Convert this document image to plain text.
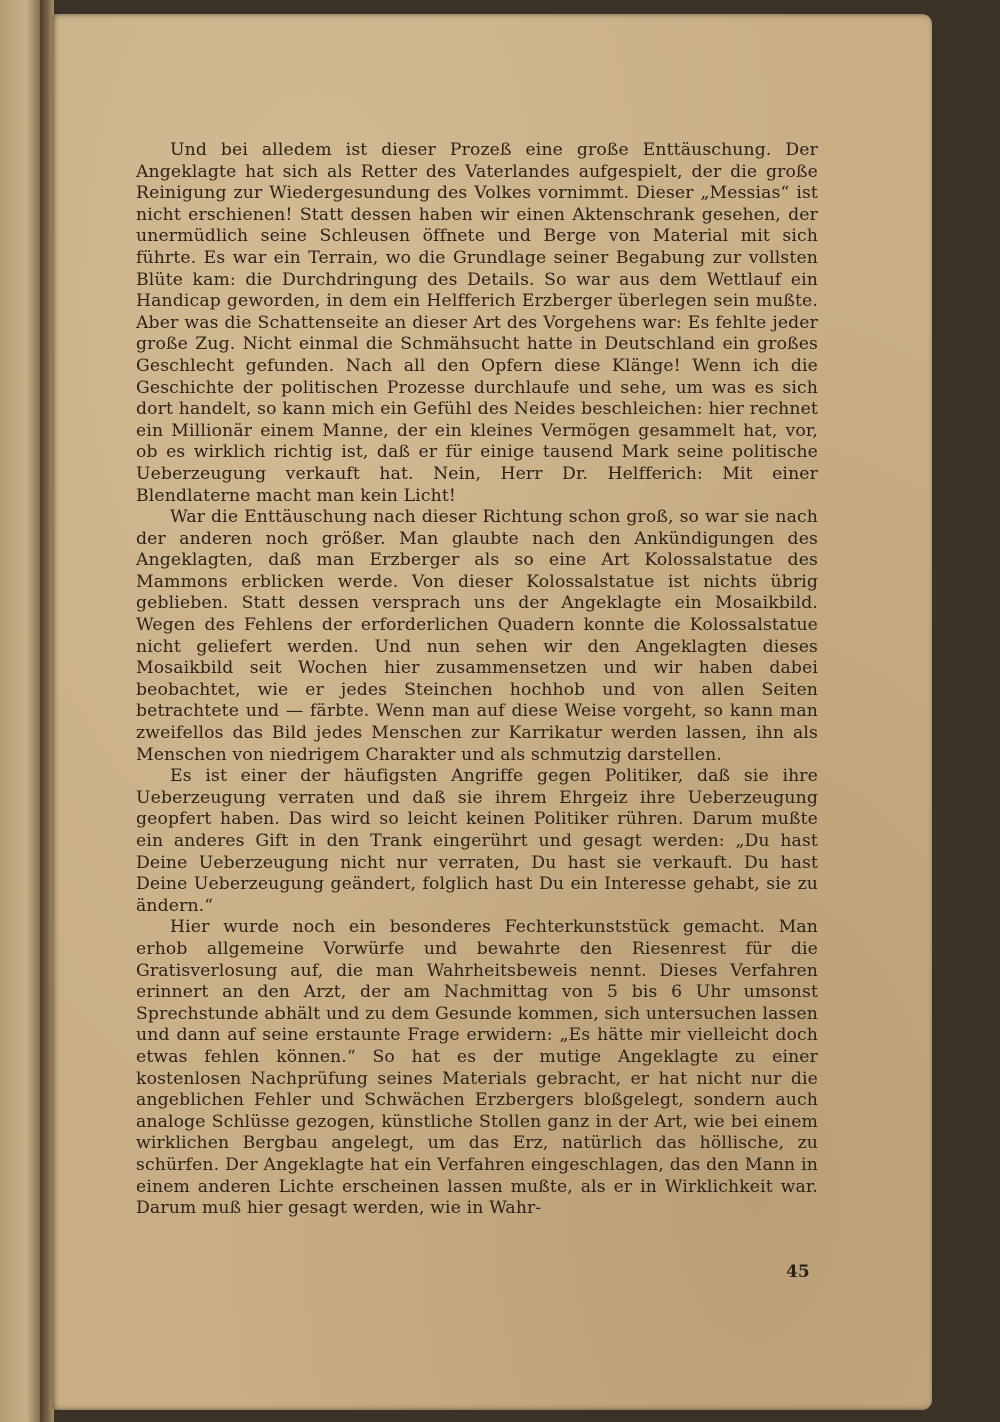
Und bei alledem ist dieser Prozeß eine große Enttäuschung. Der Angeklagte hat sich als Retter des Vaterlandes aufgespielt, der die große Reinigung zur Wiedergesundung des Volkes vornimmt. Dieser „Messias“ ist nicht erschienen! Statt dessen haben wir einen Aktenschrank gesehen, der unermüdlich seine Schleusen öffnete und Berge von Material mit sich führte. Es war ein Terrain, wo die Grundlage seiner Begabung zur vollsten Blüte kam: die Durchdringung des Details. So war aus dem Wettlauf ein Handicap geworden, in dem ein Helfferich Erzberger überlegen sein mußte. Aber was die Schattenseite an dieser Art des Vorgehens war: Es fehlte jeder große Zug. Nicht einmal die Schmähsucht hatte in Deutschland ein großes Geschlecht gefunden. Nach all den Opfern diese Klänge! Wenn ich die Geschichte der politischen Prozesse durchlaufe und sehe, um was es sich dort handelt, so kann mich ein Gefühl des Neides beschleichen: hier rechnet ein Millionär einem Manne, der ein kleines Vermögen gesammelt hat, vor, ob es wirklich richtig ist, daß er für einige tausend Mark seine politische Ueberzeugung verkauft hat. Nein, Herr Dr. Helfferich: Mit einer Blendlaterne macht man kein Licht!

War die Enttäuschung nach dieser Richtung schon groß, so war sie nach der anderen noch größer. Man glaubte nach den Ankündigungen des Angeklagten, daß man Erzberger als so eine Art Kolossalstatue des Mammons erblicken werde. Von dieser Kolossalstatue ist nichts übrig geblieben. Statt dessen versprach uns der Angeklagte ein Mosaikbild. Wegen des Fehlens der erforderlichen Quadern konnte die Kolossalstatue nicht geliefert werden. Und nun sehen wir den Angeklagten dieses Mosaikbild seit Wochen hier zusammensetzen und wir haben dabei beobachtet, wie er jedes Steinchen hochhob und von allen Seiten betrachtete und — färbte. Wenn man auf diese Weise vorgeht, so kann man zweifellos das Bild jedes Menschen zur Karrikatur werden lassen, ihn als Menschen von niedrigem Charakter und als schmutzig darstellen.

Es ist einer der häufigsten Angriffe gegen Politiker, daß sie ihre Ueberzeugung verraten und daß sie ihrem Ehrgeiz ihre Ueberzeugung geopfert haben. Das wird so leicht keinen Politiker rühren. Darum mußte ein anderes Gift in den Trank eingerührt und gesagt werden: „Du hast Deine Ueberzeugung nicht nur verraten, Du hast sie verkauft. Du hast Deine Ueberzeugung geändert, folglich hast Du ein Interesse gehabt, sie zu ändern.“

Hier wurde noch ein besonderes Fechterkunststück gemacht. Man erhob allgemeine Vorwürfe und bewahrte den Riesenrest für die Gratisverlosung auf, die man Wahrheitsbeweis nennt. Dieses Verfahren erinnert an den Arzt, der am Nachmittag von 5 bis 6 Uhr umsonst Sprechstunde abhält und zu dem Gesunde kommen, sich untersuchen lassen und dann auf seine erstaunte Frage erwidern: „Es hätte mir vielleicht doch etwas fehlen können.“ So hat es der mutige Angeklagte zu einer kostenlosen Nachprüfung seines Materials gebracht, er hat nicht nur die angeblichen Fehler und Schwächen Erzbergers bloßgelegt, sondern auch analoge Schlüsse gezogen, künstliche Stollen ganz in der Art, wie bei einem wirklichen Bergbau angelegt, um das Erz, natürlich das höllische, zu schürfen. Der Angeklagte hat ein Verfahren eingeschlagen, das den Mann in einem anderen Lichte erscheinen lassen mußte, als er in Wirklichkeit war. Darum muß hier gesagt werden, wie in Wahr-

45
